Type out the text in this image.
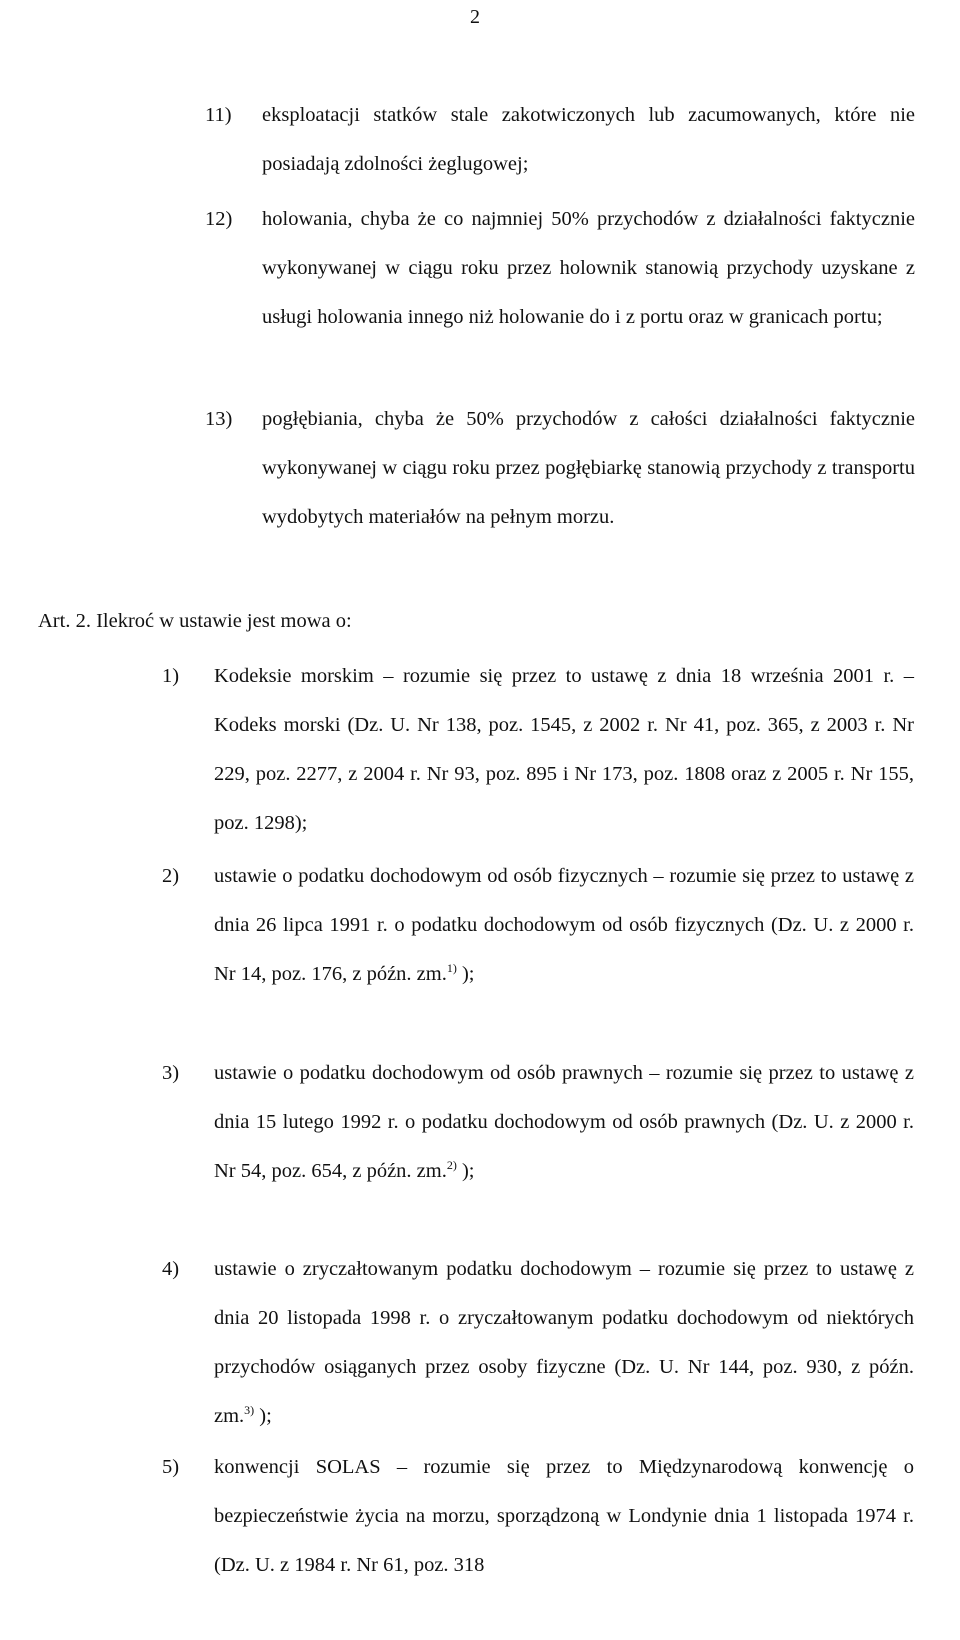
2
11) eksploatacji statków stale zakotwiczonych lub zacumowanych, które nie posiadają zdolności żeglugowej;

12) holowania, chyba że co najmniej 50% przychodów z działalności faktycznie wykonywanej w ciągu roku przez holownik stanowią przychody uzyskane z usługi holowania innego niż holowanie do i z portu oraz w granicach portu;

13) pogłębiania, chyba że 50% przychodów z całości działalności faktycznie wykonywanej w ciągu roku przez pogłębiarkę stanowią przychody z transportu wydobytych materiałów na pełnym morzu.

Art. 2. Ilekroć w ustawie jest mowa o:
1) Kodeksie morskim – rozumie się przez to ustawę z dnia 18 września 2001 r. – Kodeks morski (Dz. U. Nr 138, poz. 1545, z 2002 r. Nr 41, poz. 365, z 2003 r. Nr 229, poz. 2277, z 2004 r. Nr 93, poz. 895 i Nr 173, poz. 1808 oraz z 2005 r. Nr 155, poz. 1298);

2) ustawie o podatku dochodowym od osób fizycznych – rozumie się przez to ustawę z dnia 26 lipca 1991 r. o podatku dochodowym od osób fizycznych (Dz. U. z 2000 r. Nr 14, poz. 176, z późn. zm.$^{1)}$ );

3) ustawie o podatku dochodowym od osób prawnych – rozumie się przez to ustawę z dnia 15 lutego 1992 r. o podatku dochodowym od osób prawnych (Dz. U. z 2000 r. Nr 54, poz. 654, z późn. zm.$^{2)}$ );

4) ustawie o zryczałtowanym podatku dochodowym – rozumie się przez to ustawę z dnia 20 listopada 1998 r. o zryczałtowanym podatku dochodowym od niektórych przychodów osiąganych przez osoby fizyczne (Dz. U. Nr 144, poz. 930, z późn. zm.$^{3)}$ );

5) konwencji SOLAS – rozumie się przez to Międzynarodową konwencję o bezpieczeństwie życia na morzu, sporządzoną w Londynie dnia 1 listopada 1974 r. (Dz. U. z 1984 r. Nr 61, poz. 318
